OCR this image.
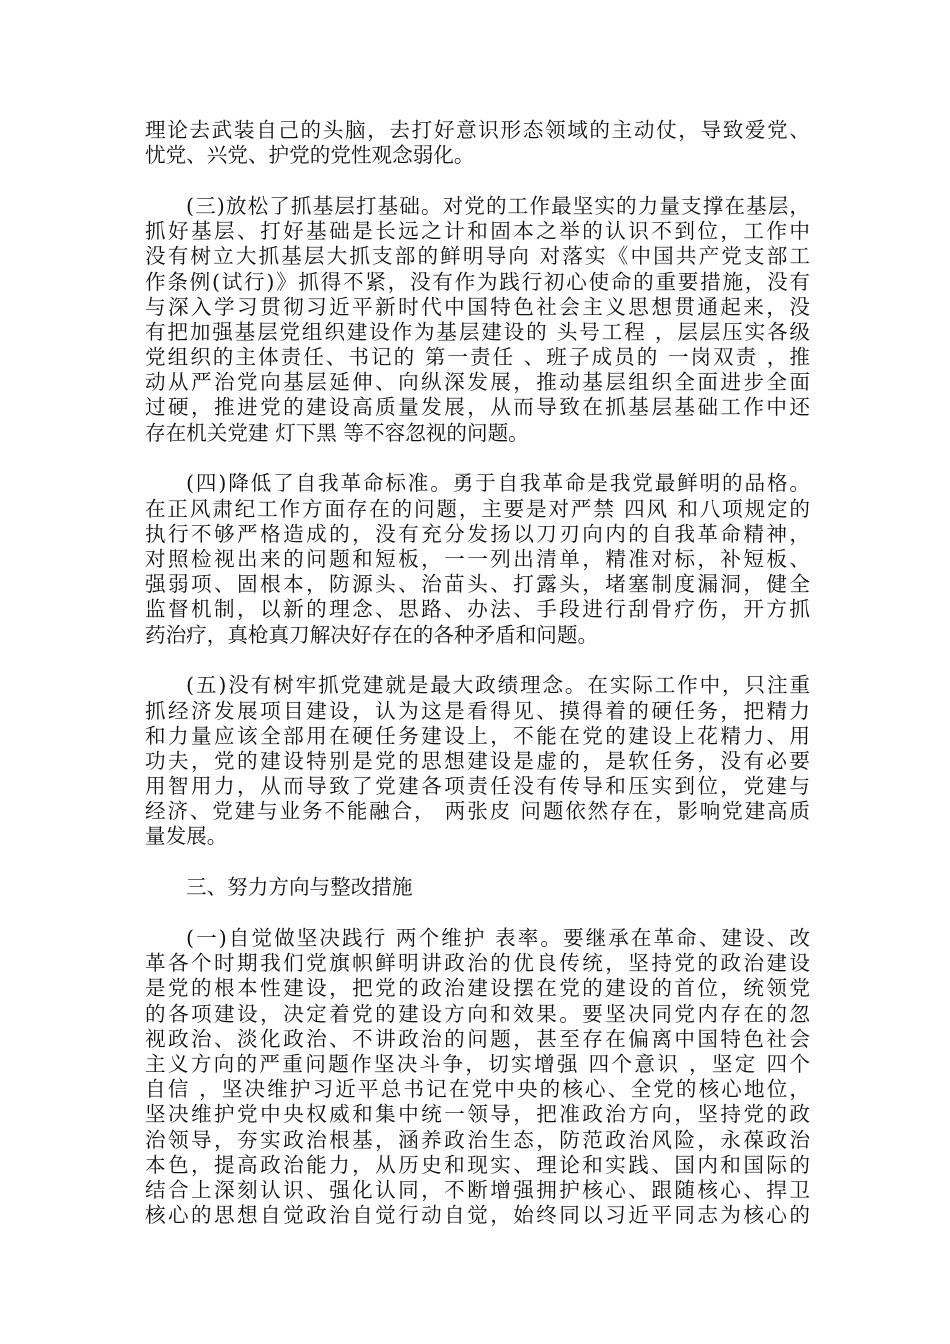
理论去武装自己的头脑，去打好意识形态领域的主动仗，导致爱党、
忧党、兴党、护党的党性观念弱化。
(三)放松了抓基层打基础。对党的工作最坚实的力量支撑在基层，
抓好基层、打好基础是长远之计和固本之举的认识不到位，工作中
没有树立大抓基层大抓支部的鲜明导向 对落实《中国共产党支部工
作条例(试行)》抓得不紧，没有作为践行初心使命的重要措施，没有
与深入学习贯彻习近平新时代中国特色社会主义思想贯通起来，没
有把加强基层党组织建设作为基层建设的 头号工程 ，层层压实各级
党组织的主体责任、书记的 第一责任 、班子成员的 一岗双责 ，推
动从严治党向基层延伸、向纵深发展，推动基层组织全面进步全面
过硬，推进党的建设高质量发展，从而导致在抓基层基础工作中还
存在机关党建 灯下黑 等不容忽视的问题。
(四)降低了自我革命标准。勇于自我革命是我党最鲜明的品格。
在正风肃纪工作方面存在的问题，主要是对严禁 四风 和八项规定的
执行不够严格造成的，没有充分发扬以刀刃向内的自我革命精神，
对照检视出来的问题和短板，一一列出清单，精准对标，补短板、
强弱项、固根本，防源头、治苗头、打露头，堵塞制度漏洞，健全
监督机制，以新的理念、思路、办法、手段进行刮骨疗伤，开方抓
药治疗，真枪真刀解决好存在的各种矛盾和问题。
(五)没有树牢抓党建就是最大政绩理念。在实际工作中，只注重
抓经济发展项目建设，认为这是看得见、摸得着的硬任务，把精力
和力量应该全部用在硬任务建设上，不能在党的建设上花精力、用
功夫，党的建设特别是党的思想建设是虚的，是软任务，没有必要
用智用力，从而导致了党建各项责任没有传导和压实到位，党建与
经济、党建与业务不能融合， 两张皮 问题依然存在，影响党建高质
量发展。
三、努力方向与整改措施
(一)自觉做坚决践行 两个维护 表率。要继承在革命、建设、改
革各个时期我们党旗帜鲜明讲政治的优良传统，坚持党的政治建设
是党的根本性建设，把党的政治建设摆在党的建设的首位，统领党
的各项建设，决定着党的建设方向和效果。要坚决同党内存在的忽
视政治、淡化政治、不讲政治的问题，甚至存在偏离中国特色社会
主义方向的严重问题作坚决斗争，切实增强 四个意识 ，坚定 四个
自信 ，坚决维护习近平总书记在党中央的核心、全党的核心地位，
坚决维护党中央权威和集中统一领导，把准政治方向，坚持党的政
治领导，夯实政治根基，涵养政治生态，防范政治风险，永葆政治
本色，提高政治能力，从历史和现实、理论和实践、国内和国际的
结合上深刻认识、强化认同，不断增强拥护核心、跟随核心、捍卫
核心的思想自觉政治自觉行动自觉，始终同以习近平同志为核心的
